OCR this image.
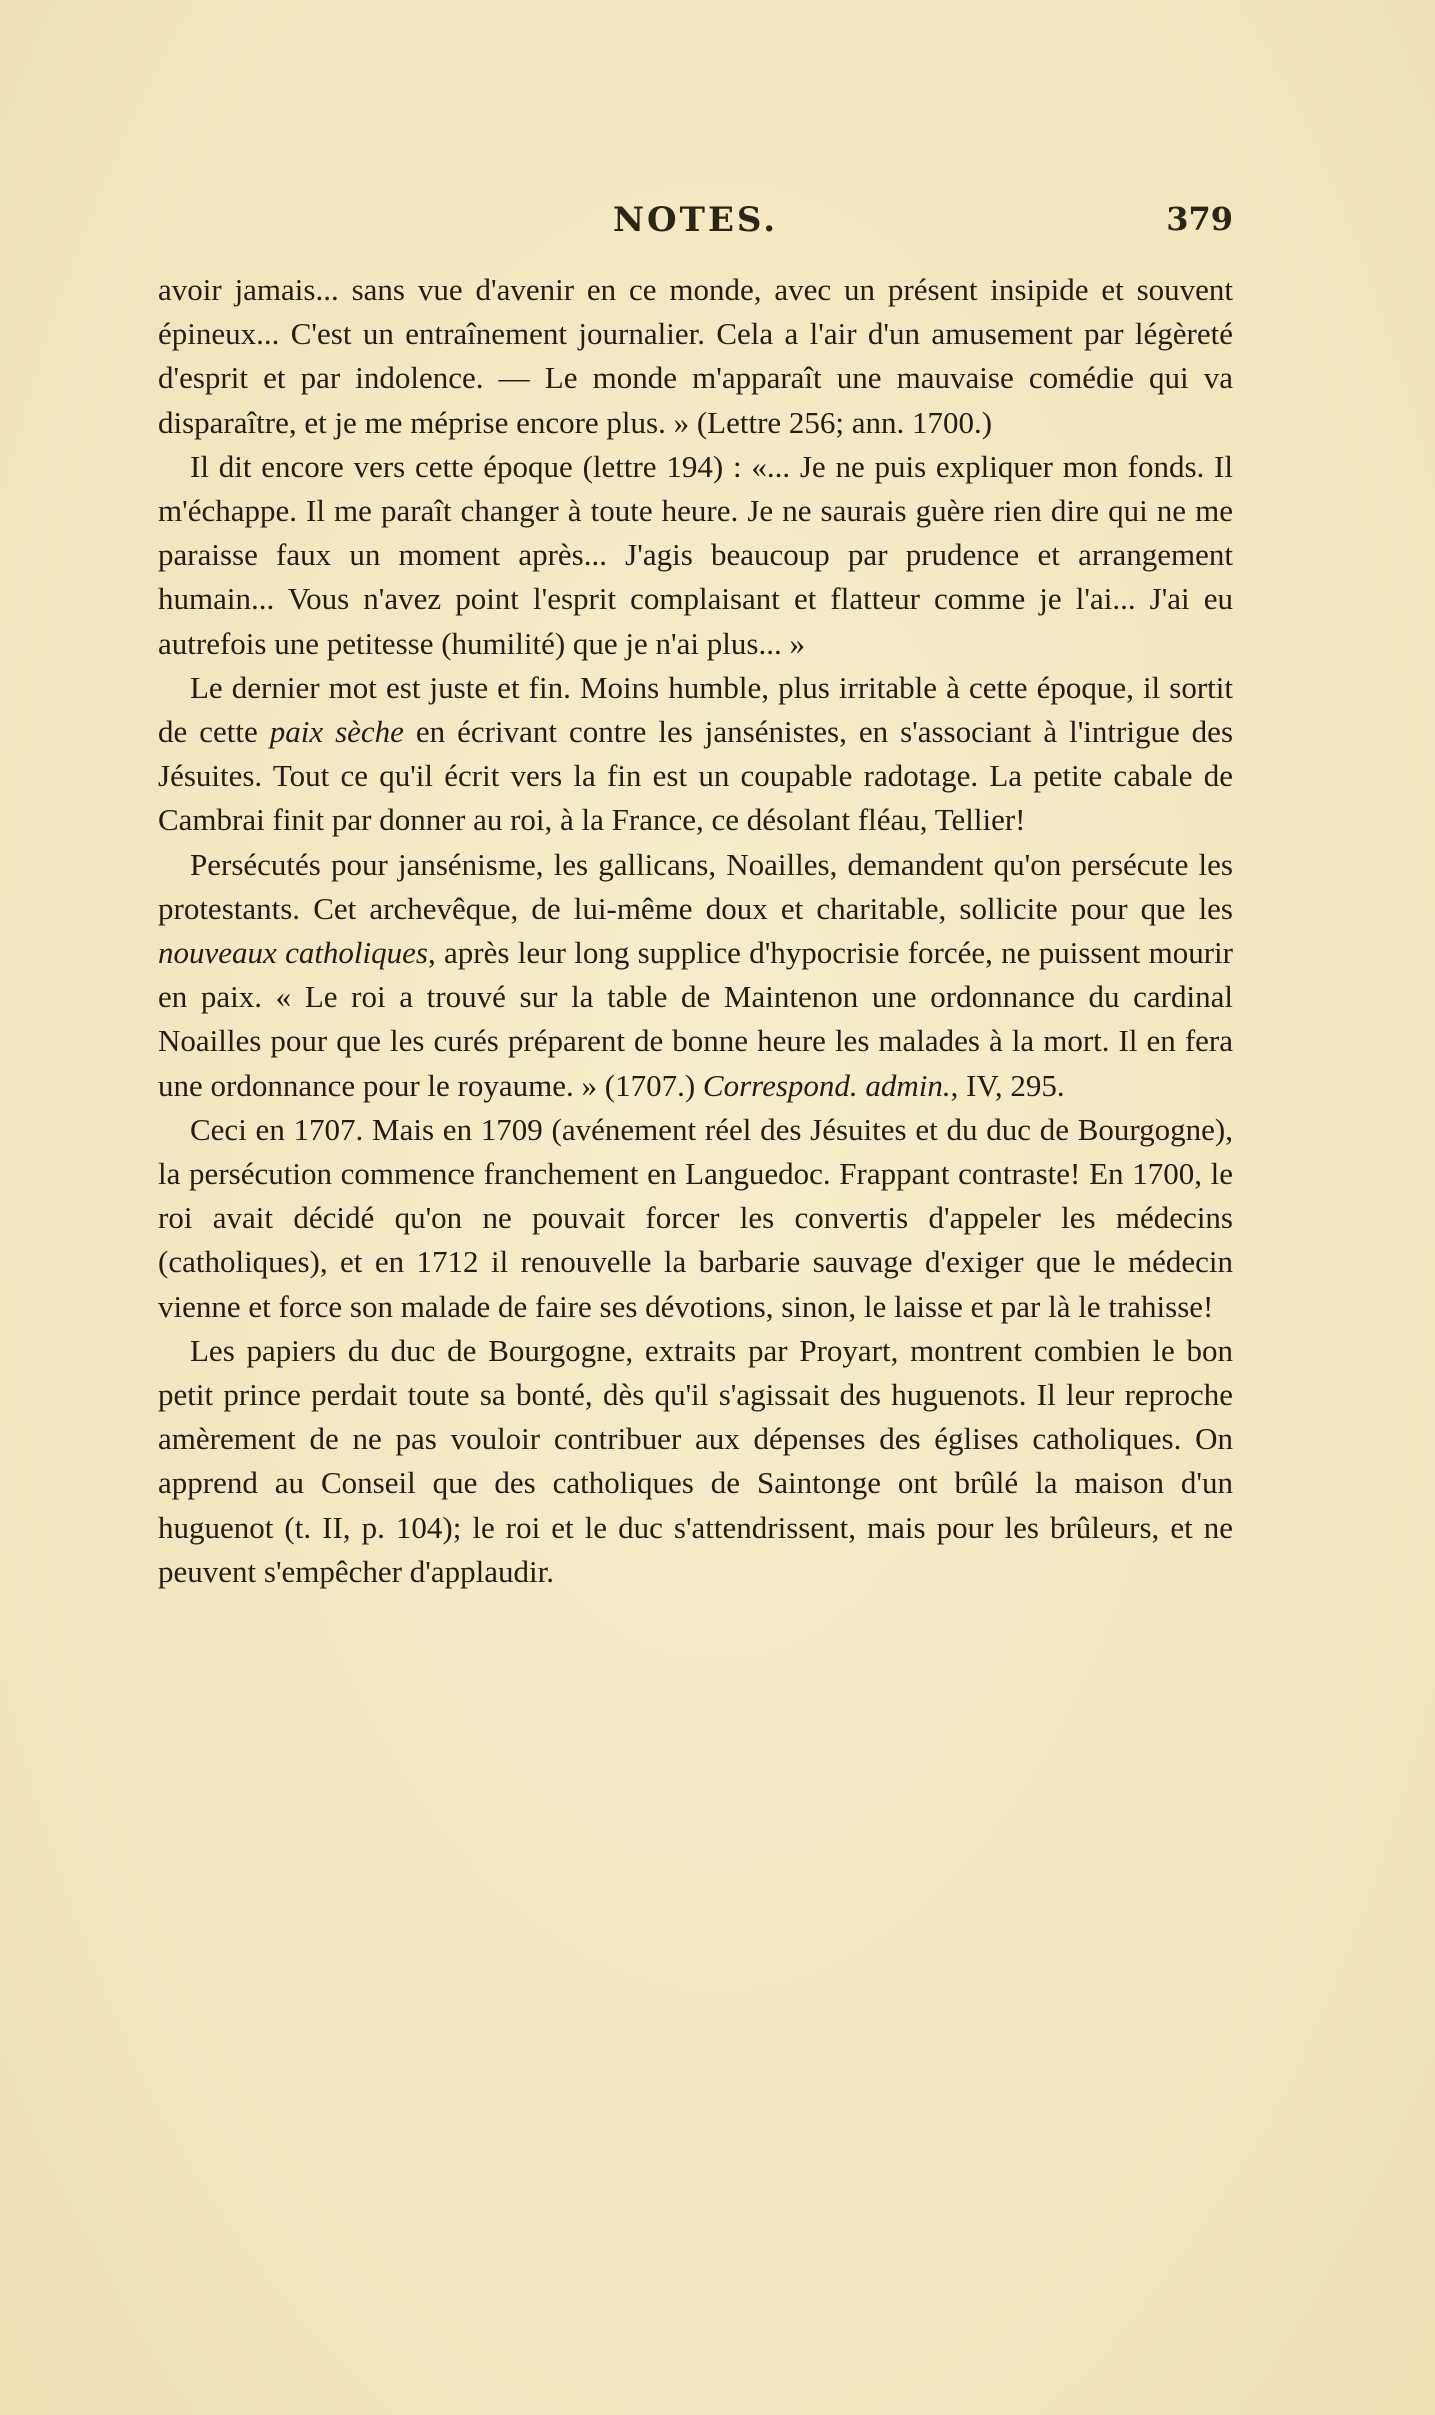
NOTES.	379

avoir jamais... sans vue d'avenir en ce monde, avec un présent insipide et souvent épineux... C'est un entraînement journalier. Cela a l'air d'un amusement par légèreté d'esprit et par indolence. — Le monde m'apparaît une mauvaise comédie qui va disparaître, et je me méprise encore plus. » (Lettre 256; ann. 1700.)

Il dit encore vers cette époque (lettre 194) : «... Je ne puis expliquer mon fonds. Il m'échappe. Il me paraît changer à toute heure. Je ne saurais guère rien dire qui ne me paraisse faux un moment après... J'agis beaucoup par prudence et arrangement humain... Vous n'avez point l'esprit complaisant et flatteur comme je l'ai... J'ai eu autrefois une petitesse (humilité) que je n'ai plus... »

Le dernier mot est juste et fin. Moins humble, plus irritable à cette époque, il sortit de cette paix sèche en écrivant contre les jansénistes, en s'associant à l'intrigue des Jésuites. Tout ce qu'il écrit vers la fin est un coupable radotage. La petite cabale de Cambrai finit par donner au roi, à la France, ce désolant fléau, Tellier!

Persécutés pour jansénisme, les gallicans, Noailles, demandent qu'on persécute les protestants. Cet archevêque, de lui-même doux et charitable, sollicite pour que les nouveaux catholiques, après leur long supplice d'hypocrisie forcée, ne puissent mourir en paix. « Le roi a trouvé sur la table de Maintenon une ordonnance du cardinal Noailles pour que les curés préparent de bonne heure les malades à la mort. Il en fera une ordonnance pour le royaume. » (1707.) Correspond. admin., IV, 295.

Ceci en 1707. Mais en 1709 (avénement réel des Jésuites et du duc de Bourgogne), la persécution commence franchement en Languedoc. Frappant contraste! En 1700, le roi avait décidé qu'on ne pouvait forcer les convertis d'appeler les médecins (catholiques), et en 1712 il renouvelle la barbarie sauvage d'exiger que le médecin vienne et force son malade de faire ses dévotions, sinon, le laisse et par là le trahisse!

Les papiers du duc de Bourgogne, extraits par Proyart, montrent combien le bon petit prince perdait toute sa bonté, dès qu'il s'agissait des huguenots. Il leur reproche amèrement de ne pas vouloir contribuer aux dépenses des églises catholiques. On apprend au Conseil que des catholiques de Saintonge ont brûlé la maison d'un huguenot (t. II, p. 104); le roi et le duc s'attendrissent, mais pour les brûleurs, et ne peuvent s'empêcher d'applaudir.
